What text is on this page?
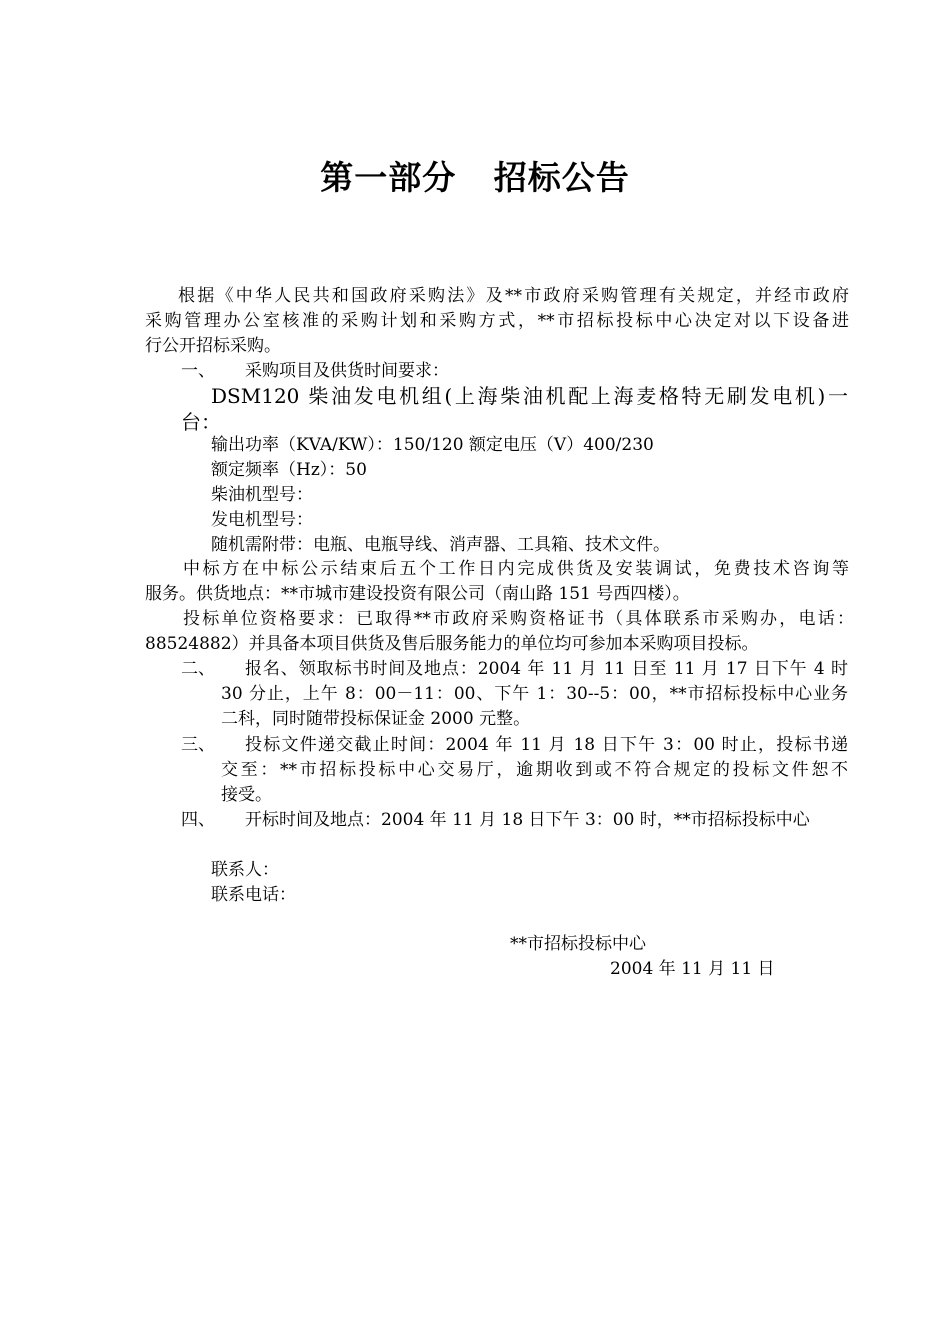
第一部分   招标公告
根据《中华人民共和国政府采购法》及**市政府采购管理有关规定，并经市政府
采购管理办公室核准的采购计划和采购方式，**市招标投标中心决定对以下设备进
行公开招标采购。
一、 采购项目及供货时间要求：
DSM120 柴油发电机组(上海柴油机配上海麦格特无刷发电机)一
台：
输出功率（KVA/KW）：150/120 额定电压（V）400/230
额定频率（Hz）：50
柴油机型号：
发电机型号：
随机需附带：电瓶、电瓶导线、消声器、工具箱、技术文件。
中标方在中标公示结束后五个工作日内完成供货及安装调试，免费技术咨询等
服务。供货地点：**市城市建设投资有限公司（南山路 151 号西四楼）。
投标单位资格要求：已取得**市政府采购资格证书（具体联系市采购办，电话：
88524882）并具备本项目供货及售后服务能力的单位均可参加本采购项目投标。
二、 报名、领取标书时间及地点：2004 年 11 月 11 日至 11 月 17 日下午 4 时
30 分止，上午 8：00－11：00、下午 1：30--5：00，**市招标投标中心业务
二科，同时随带投标保证金 2000 元整。
三、 投标文件递交截止时间：2004 年 11 月 18 日下午 3：00 时止，投标书递
交至：**市招标投标中心交易厅，逾期收到或不符合规定的投标文件恕不
接受。
四、 开标时间及地点：2004 年 11 月 18 日下午 3：00 时，**市招标投标中心
联系人：
联系电话：
**市招标投标中心
2004 年 11 月 11 日
